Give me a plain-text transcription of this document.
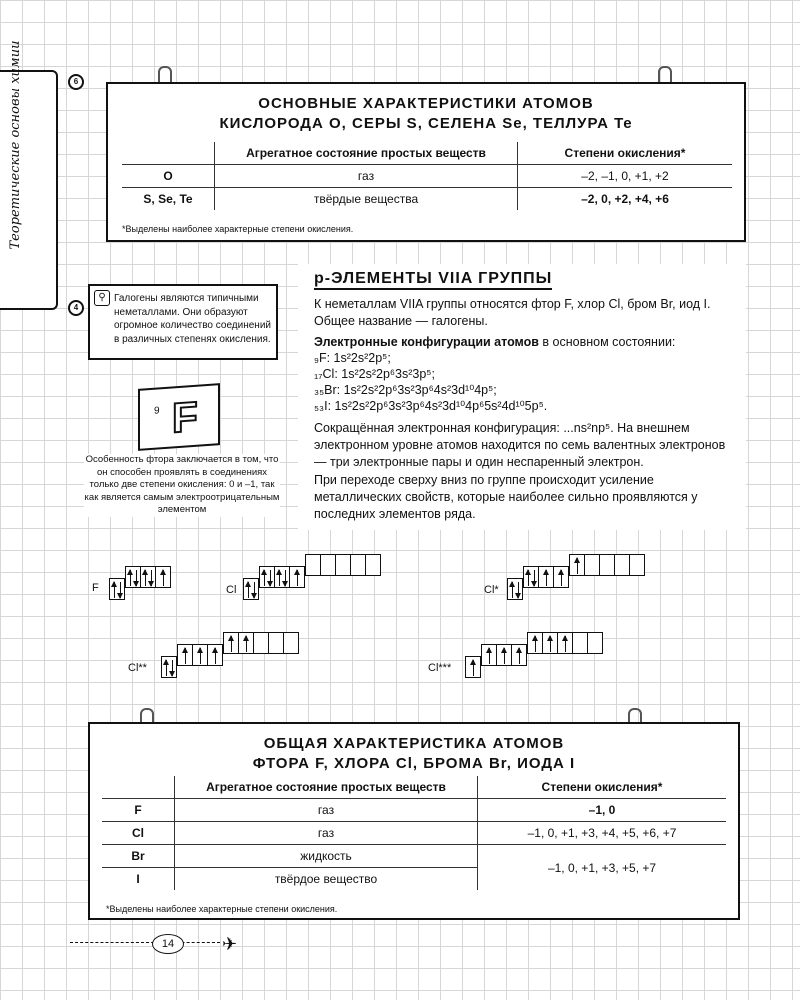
6
Теоретические основы химии
4
ОСНОВНЫЕ ХАРАКТЕРИСТИКИ АТОМОВ
КИСЛОРОДА O, СЕРЫ S, СЕЛЕНА Se, ТЕЛЛУРА Te
	Агрегатное состояние простых веществ	Степени окисления*
O	газ	–2, –1, 0, +1, +2
S, Se, Te	твёрдые вещества	–2, 0, +2, +4, +6
*Выделены наиболее характерные степени окисления.
⚲ Галогены являются типичными неметаллами. Они образуют огромное количество соединений в различных степенях окисления.
9 F
Особенность фтора заключается в том, что он способен проявлять в соединениях только две степени окисления: 0 и –1, так как является самым электроотрицательным элементом
p-ЭЛЕМЕНТЫ VIIA ГРУППЫ
К неметаллам VIIA группы относятся фтор F, хлор Cl, бром Br, иод I. Общее название — галогены.
Электронные конфигурации атомов в основном состоянии:
₉F: 1s²2s²2p⁵;
₁₇Cl: 1s²2s²2p⁶3s²3p⁵;
₃₅Br: 1s²2s²2p⁶3s²3p⁶4s²3d¹⁰4p⁵;
₅₃I: 1s²2s²2p⁶3s²3p⁶4s²3d¹⁰4p⁶5s²4d¹⁰5p⁵.
Сокращённая электронная конфигурация: ...ns²np⁵. На внешнем электронном уровне атомов находится по семь валентных электронов — три электронные пары и один неспаренный электрон.
При переходе сверху вниз по группе происходит усиление металлических свойств, которые наиболее сильно проявляются у последних элементов ряда.
F	Cl	Cl*
Cl**	Cl***
ОБЩАЯ ХАРАКТЕРИСТИКА АТОМОВ
ФТОРА F, ХЛОРА Cl, БРОМА Br, ИОДА I
	Агрегатное состояние простых веществ	Степени окисления*
F	газ	–1, 0
Cl	газ	–1, 0, +1, +3, +4, +5, +6, +7
Br	жидкость	–1, 0, +1, +3, +5, +7
I	твёрдое вещество	
*Выделены наиболее характерные степени окисления.
14	✈
